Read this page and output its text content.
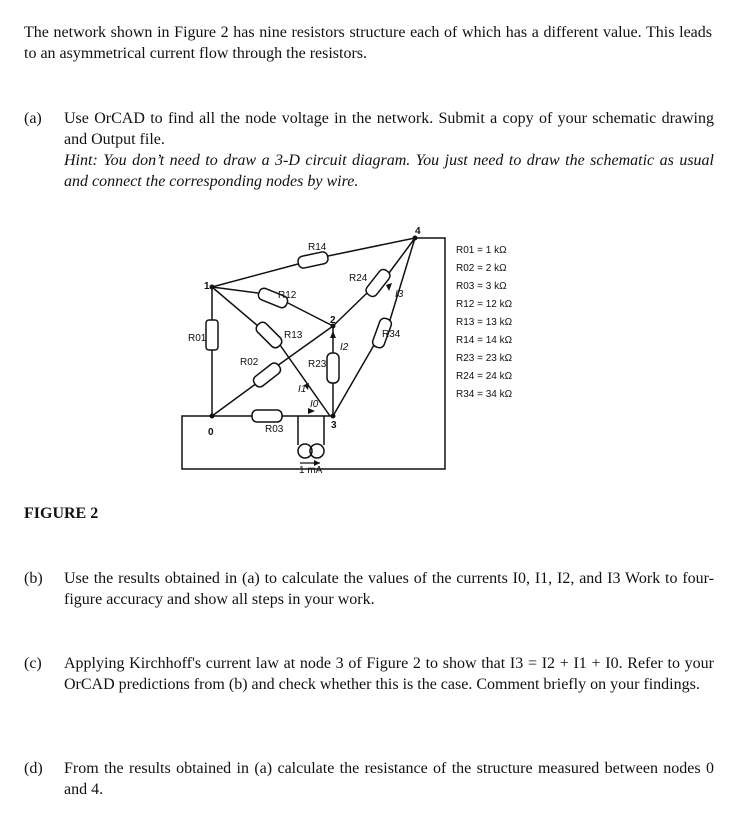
The network shown in Figure 2 has nine resistors structure each of which has a different value. This leads to an asymmetrical current flow through the resistors.
(a) Use OrCAD to find all the node voltage in the network. Submit a copy of your schematic drawing and Output file.
Hint: You don’t need to draw a 3-D circuit diagram. You just need to draw the schematic as usual and connect the corresponding nodes by wire.
1
0
2
3
4
R14
R24
R12
R13
R01
R02	R23
R34
R03
I3
I2
I1
I0
1 mA
R01 = 1 kΩ
R02 = 2 kΩ
R03 = 3 kΩ
R12 = 12 kΩ
R13 = 13 kΩ
R14 = 14 kΩ
R23 = 23 kΩ
R24 = 24 kΩ
R34 = 34 kΩ
FIGURE 2
(b) Use the results obtained in (a) to calculate the values of the currents I0, I1, I2, and I3 Work to four-figure accuracy and show all steps in your work.
(c) Applying Kirchhoff's current law at node 3 of Figure 2 to show that I3 = I2 + I1 + I0. Refer to your OrCAD predictions from (b) and check whether this is the case. Comment briefly on your findings.
(d) From the results obtained in (a) calculate the resistance of the structure measured between nodes 0 and 4.
